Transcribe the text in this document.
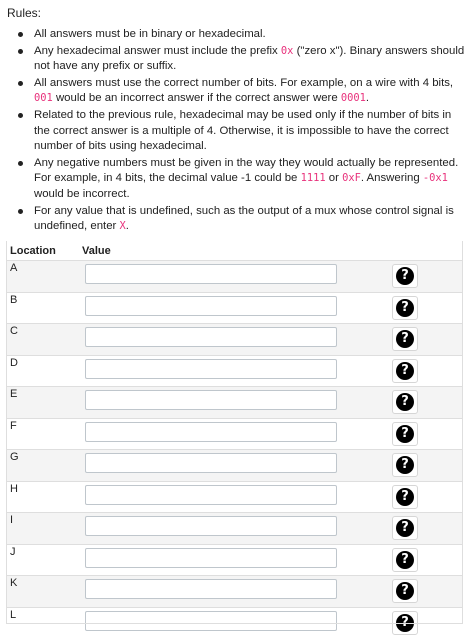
Rules:
All answers must be in binary or hexadecimal.
Any hexadecimal answer must include the prefix 0x ("zero x"). Binary answers should not have any prefix or suffix.
All answers must use the correct number of bits. For example, on a wire with 4 bits, 001 would be an incorrect answer if the correct answer were 0001.
Related to the previous rule, hexadecimal may be used only if the number of bits in the correct answer is a multiple of 4. Otherwise, it is impossible to have the correct number of bits using hexadecimal.
Any negative numbers must be given in the way they would actually be represented. For example, in 4 bits, the decimal value -1 could be 1111 or 0xF. Answering -0x1 would be incorrect.
For any value that is undefined, such as the output of a mux whose control signal is undefined, enter X.
Location	Value		
A		?	

B		?	

C		?	

D		?	

E		?	

F		?	

G		?	

H		?	

I		?	

J		?	

K		?	

L		?	
